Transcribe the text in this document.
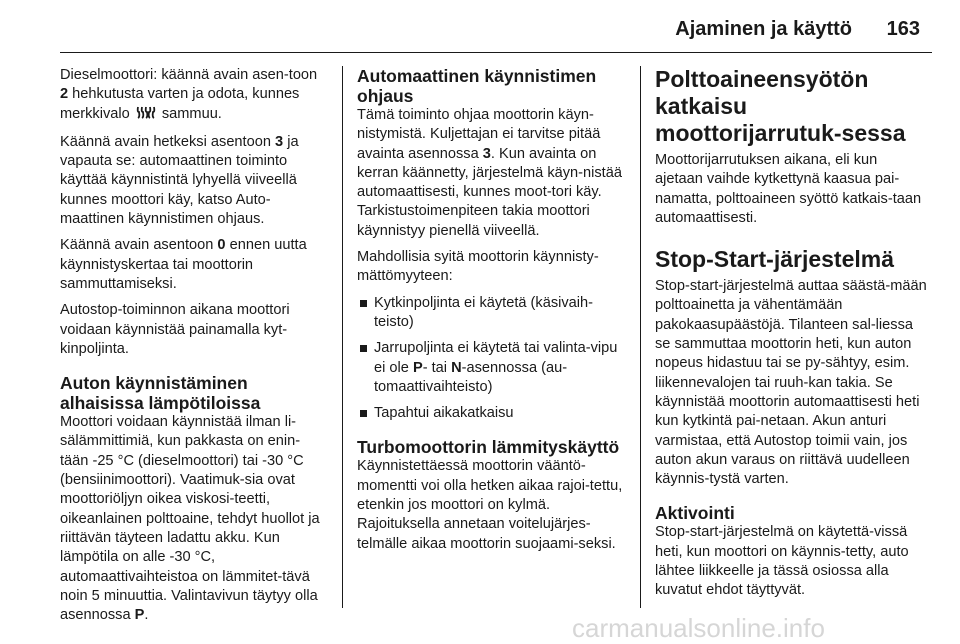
Ajaminen ja käyttö 163

Dieselmoottori: käännä avain asen-toon 2 hehkutusta varten ja odota, kunnes merkkivalo  sammuu.

Käännä avain hetkeksi asentoon 3 ja vapauta se: automaattinen toiminto käyttää käynnistintä lyhyellä viiveellä kunnes moottori käy, katso Auto-maattinen käynnistimen ohjaus.

Käännä avain asentoon 0 ennen uutta käynnistyskertaa tai moottorin sammuttamiseksi.

Autostop-toiminnon aikana moottori voidaan käynnistää painamalla kyt-kinpoljinta.

Auton käynnistäminen alhaisissa lämpötiloissa

Moottori voidaan käynnistää ilman li-sälämmittimiä, kun pakkasta on enin-tään -25 °C (dieselmoottori) tai -30 °C (bensiinimoottori). Vaatimuk-sia ovat moottoriöljyn oikea viskosi-teetti, oikeanlainen polttoaine, tehdyt huollot ja riittävän täyteen ladattu akku. Kun lämpötila on alle -30 °C, automaattivaihteistoa on lämmitet-tävä noin 5 minuuttia. Valintavivun täytyy olla asennossa P.

Automaattinen käynnistimen ohjaus

Tämä toiminto ohjaa moottorin käyn-nistymistä. Kuljettajan ei tarvitse pitää avainta asennossa 3. Kun avainta on kerran käännetty, järjestelmä käyn-nistää automaattisesti, kunnes moot-tori käy. Tarkistustoimenpiteen takia moottori käynnistyy pienellä viiveellä.

Mahdollisia syitä moottorin käynnisty-mättömyyteen:

Kytkinpoljinta ei käytetä (käsivaih-teisto)
Jarrupoljinta ei käytetä tai valinta-vipu ei ole P- tai N-asennossa (au-tomaattivaihteisto)
Tapahtui aikakatkaisu
Turbomoottorin lämmityskäyttö

Käynnistettäessä moottorin vääntö-momentti voi olla hetken aikaa rajoi-tettu, etenkin jos moottori on kylmä. Rajoituksella annetaan voitelujärjes-telmälle aikaa moottorin suojaami-seksi.

Polttoaineensyötön katkaisu moottorijarrutuk-sessa

Moottorijarrutuksen aikana, eli kun ajetaan vaihde kytkettynä kaasua pai-namatta, polttoaineen syöttö katkais-taan automaattisesti.

Stop-Start-järjestelmä

Stop-start-järjestelmä auttaa säästä-mään polttoainetta ja vähentämään pakokaasupäästöjä. Tilanteen sal-liessa se sammuttaa moottorin heti, kun auton nopeus hidastuu tai se py-sähtyy, esim. liikennevalojen tai ruuh-kan takia. Se käynnistää moottorin automaattisesti heti kun kytkintä pai-netaan. Akun anturi varmistaa, että Autostop toimii vain, jos auton akun varaus on riittävä uudelleen käynnis-tystä varten.

Aktivointi

Stop-start-järjestelmä on käytettä-vissä heti, kun moottori on käynnis-tetty, auto lähtee liikkeelle ja tässä osiossa alla kuvatut ehdot täyttyvät.

carmanualsonline.info
